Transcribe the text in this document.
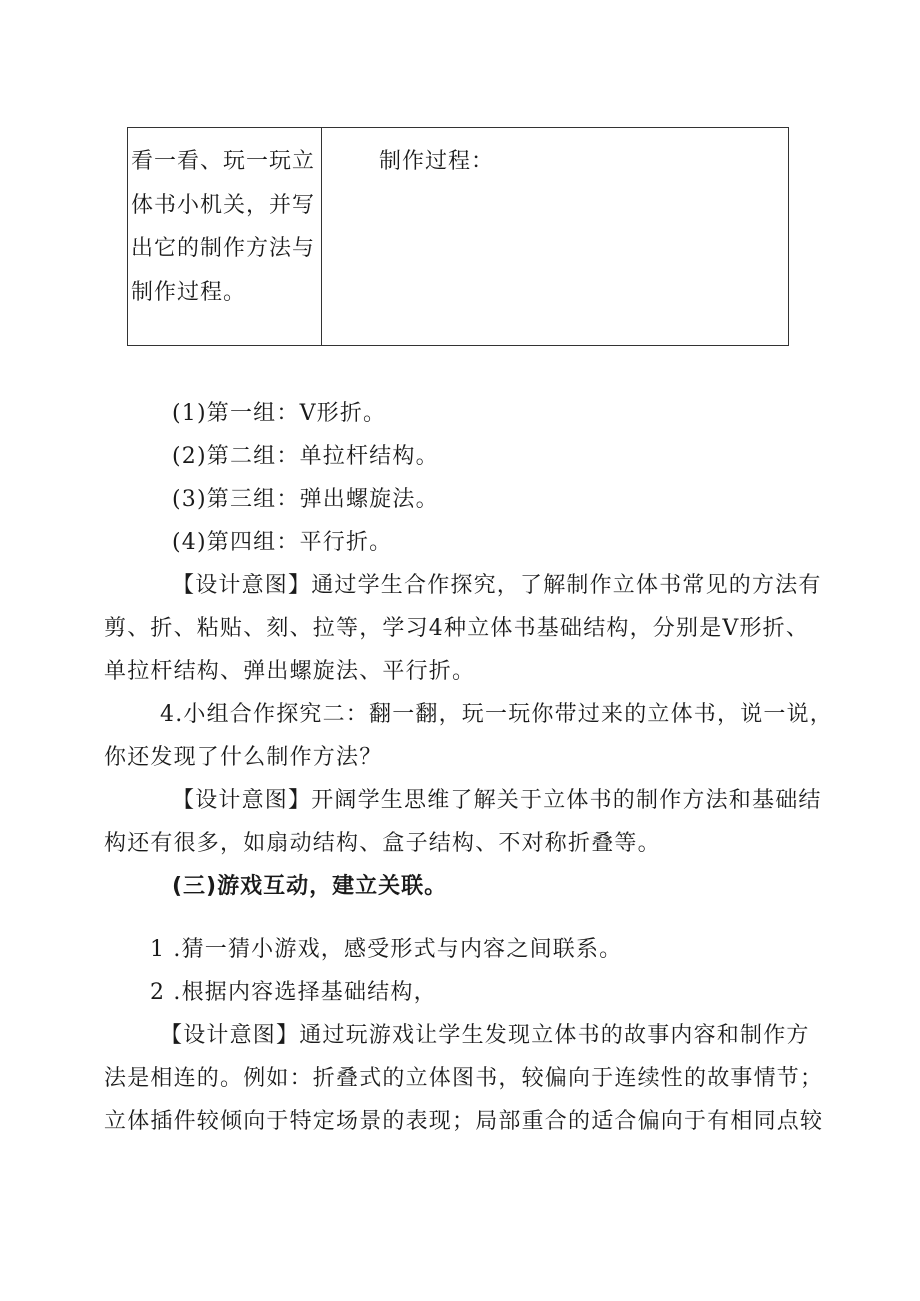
看一看、玩一玩立

体书小机关，并写

出它的制作方法与

制作过程。

制作过程：

(1)第一组：V形折。

(2)第二组：单拉杆结构。

(3)第三组：弹出螺旋法。

(4)第四组：平行折。

【设计意图】通过学生合作探究，了解制作立体书常见的方法有

剪、折、粘贴、刻、拉等，学习4种立体书基础结构，分别是V形折、

单拉杆结构、弹出螺旋法、平行折。

4.小组合作探究二：翻一翻，玩一玩你带过来的立体书，说一说，

你还发现了什么制作方法？

【设计意图】开阔学生思维了解关于立体书的制作方法和基础结

构还有很多，如扇动结构、盒子结构、不对称折叠等。

(三)游戏互动，建立关联。

1 .猜一猜小游戏，感受形式与内容之间联系。

2 .根据内容选择基础结构，

【设计意图】通过玩游戏让学生发现立体书的故事内容和制作方

法是相连的。例如：折叠式的立体图书，较偏向于连续性的故事情节；

立体插件较倾向于特定场景的表现；局部重合的适合偏向于有相同点较
